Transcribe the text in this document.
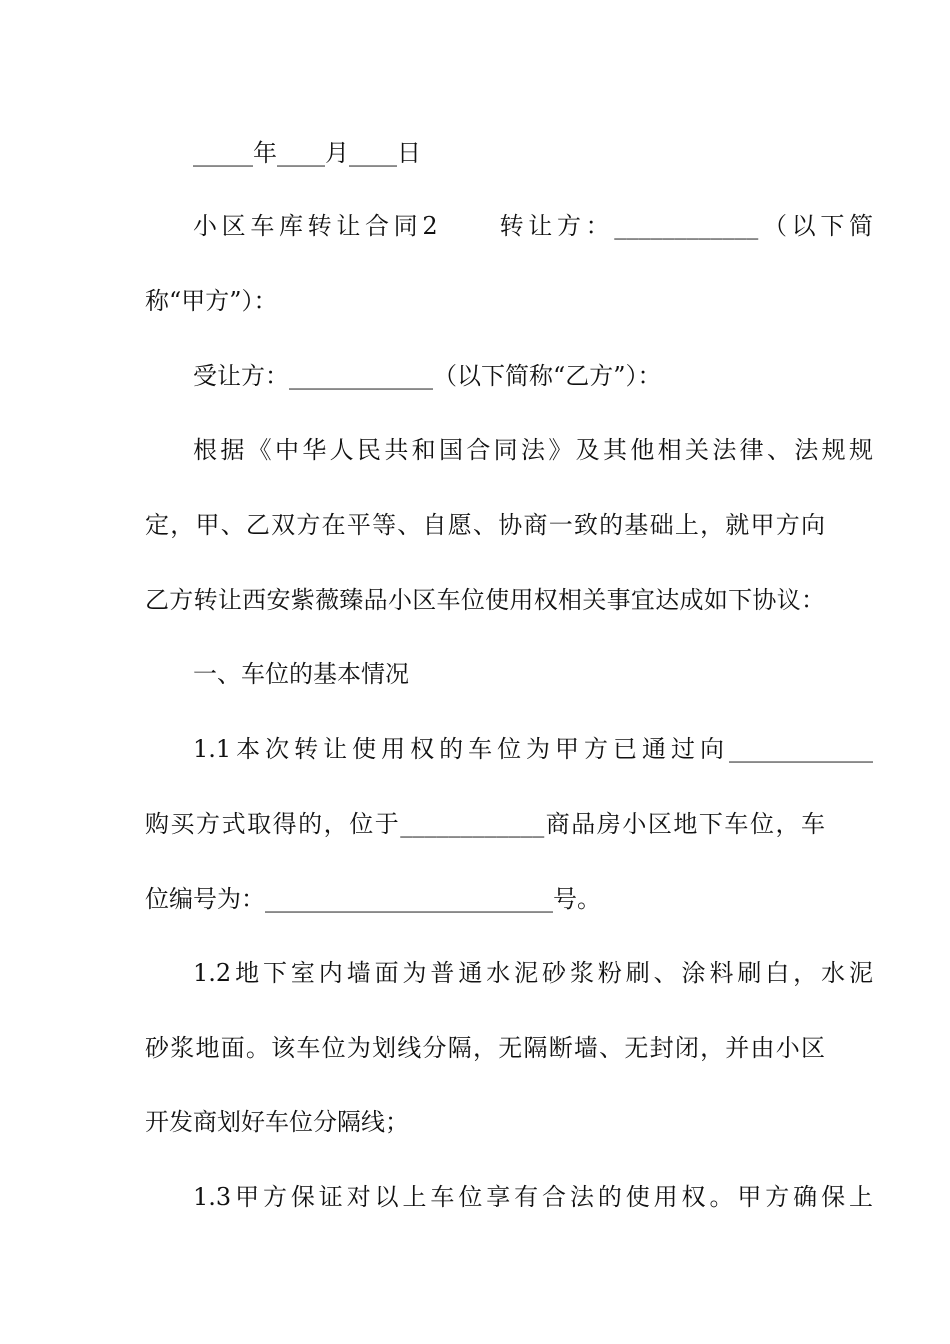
_____年____月____日
小区车库转让合同2　　转让方：____________（以下简
称“甲方”）：
受让方：____________（以下简称“乙方”）：
根据《中华人民共和国合同法》及其他相关法律、法规规
定，甲、乙双方在平等、自愿、协商一致的基础上，就甲方向
乙方转让西安紫薇臻品小区车位使用权相关事宜达成如下协议：
一、车位的基本情况
1.1本次转让使用权的车位为甲方已通过向____________
购买方式取得的，位于____________商品房小区地下车位，车
位编号为：________________________号。
1.2地下室内墙面为普通水泥砂浆粉刷、涂料刷白，水泥
砂浆地面。该车位为划线分隔，无隔断墙、无封闭，并由小区
开发商划好车位分隔线；
1.3甲方保证对以上车位享有合法的使用权。甲方确保上
